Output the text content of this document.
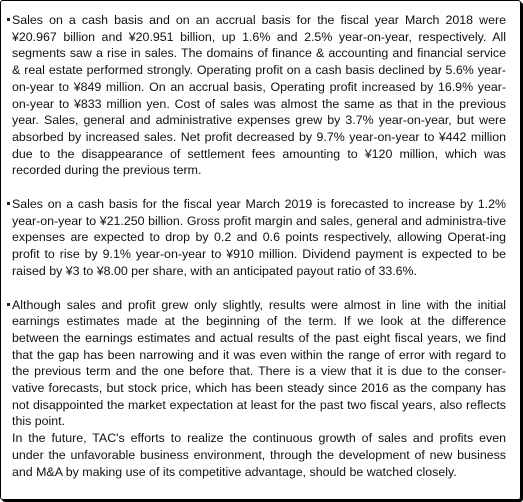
Sales on a cash basis and on an accrual basis for the fiscal year March 2018 were ¥20.967 billion and ¥20.951 billion, up 1.6% and 2.5% year-on-year, respectively. All segments saw a rise in sales. The domains of finance & accounting and financial service & real estate performed strongly. Operating profit on a cash basis declined by 5.6% year-on-year to ¥849 million. On an accrual basis, Operating profit increased by 16.9% year-on-year to ¥833 million yen. Cost of sales was almost the same as that in the previous year. Sales, general and administrative expenses grew by 3.7% year-on-year, but were absorbed by increased sales. Net profit decreased by 9.7% year-on-year to ¥442 million due to the disappearance of settlement fees amounting to ¥120 million, which was recorded during the previous term.
Sales on a cash basis for the fiscal year March 2019 is forecasted to increase by 1.2% year-on-year to ¥21.250 billion. Gross profit margin and sales, general and administra-tive expenses are expected to drop by 0.2 and 0.6 points respectively, allowing Operat-ing profit to rise by 9.1% year-on-year to ¥910 million. Dividend payment is expected to be raised by ¥3 to ¥8.00 per share, with an anticipated payout ratio of 33.6%.
Although sales and profit grew only slightly, results were almost in line with the initial earnings estimates made at the beginning of the term. If we look at the difference between the earnings estimates and actual results of the past eight fiscal years, we find that the gap has been narrowing and it was even within the range of error with regard to the previous term and the one before that. There is a view that it is due to the conser-vative forecasts, but stock price, which has been steady since 2016 as the company has not disappointed the market expectation at least for the past two fiscal years, also reflects this point.
In the future, TAC's efforts to realize the continuous growth of sales and profits even under the unfavorable business environment, through the development of new business and M&A by making use of its competitive advantage, should be watched closely.
